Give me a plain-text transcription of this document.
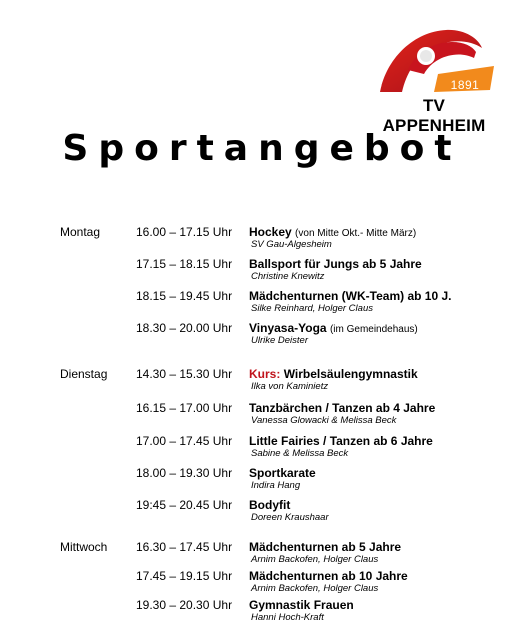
1891
TV APPENHEIM
Sportangebot
Montag	16.00 – 17.15 Uhr Hockey (von Mitte Okt.- Mitte März)
SV Gau-Algesheim
17.15 – 18.15 Uhr Ballsport für Jungs ab 5 Jahre
Christine Knewitz
18.15 – 19.45 Uhr Mädchenturnen (WK-Team) ab 10 J.
Silke Reinhard, Holger Claus
18.30 – 20.00 Uhr Vinyasa-Yoga (im Gemeindehaus)
Ulrike Deister
Dienstag 14.30 – 15.30 Uhr Kurs: Wirbelsäulengymnastik
Ilka von Kaminietz
16.15 – 17.00 Uhr Tanzbärchen / Tanzen ab 4 Jahre
Vanessa Glowacki & Melissa Beck
17.00 – 17.45 Uhr Little Fairies / Tanzen ab 6 Jahre
Sabine & Melissa Beck
18.00 – 19.30 Uhr Sportkarate
Indira Hang
19:45 – 20.45 Uhr Bodyfit
Doreen Kraushaar
Mittwoch 16.30 – 17.45 Uhr Mädchenturnen ab 5 Jahre
Arnim Backofen, Holger Claus
17.45 – 19.15 Uhr Mädchenturnen ab 10 Jahre
Arnim Backofen, Holger Claus
19.30 – 20.30 Uhr Gymnastik Frauen
Hanni Hoch-Kraft
